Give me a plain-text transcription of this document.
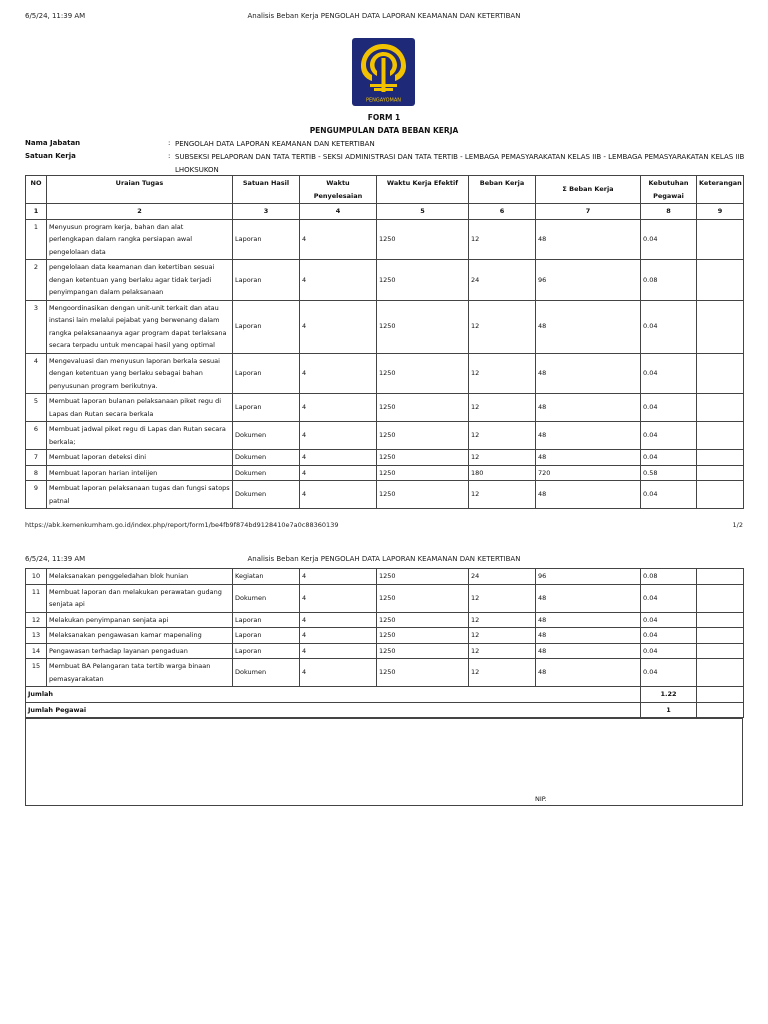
6/5/24, 11:39 AM	Analisis Beban Kerja PENGOLAH DATA LAPORAN KEAMANAN DAN KETERTIBAN
PENGAYOMAN
FORM 1
PENGUMPULAN DATA BEBAN KERJA
Nama Jabatan	: PENGOLAH DATA LAPORAN KEAMANAN DAN KETERTIBAN
Satuan Kerja	: SUBSEKSI PELAPORAN DAN TATA TERTIB - SEKSI ADMINISTRASI DAN TATA TERTIB - LEMBAGA PEMASYARAKATAN KELAS IIB - LEMBAGA PEMASYARAKATAN KELAS IIB LHOKSUKON
NO	Uraian Tugas	Satuan Hasil	Waktu Penyelesaian	Waktu Kerja Efektif	Beban Kerja	Σ Beban Kerja	Kebutuhan Pegawai	Keterangan
1	2	3	4	5	6	7	8	9
1	Menyusun program kerja, bahan dan alat perlengkapan dalam rangka persiapan awal pengelolaan data	Laporan	4	1250	12	48	0.04	
2	pengelolaan data keamanan dan ketertiban sesuai dengan ketentuan yang berlaku agar tidak terjadi penyimpangan dalam pelaksanaan	Laporan	4	1250	24	96	0.08	
3	Mengoordinasikan dengan unit-unit terkait dan atau instansi lain melalui pejabat yang berwenang dalam rangka pelaksanaanya agar program dapat terlaksana secara terpadu untuk mencapai hasil yang optimal	Laporan	4	1250	12	48	0.04	
4	Mengevaluasi dan menyusun laporan berkala sesuai dengan ketentuan yang berlaku sebagai bahan penyusunan program berikutnya.	Laporan	4	1250	12	48	0.04	
5	Membuat laporan bulanan pelaksanaan piket regu di Lapas dan Rutan secara berkala	Laporan	4	1250	12	48	0.04	
6	Membuat jadwal piket regu di Lapas dan Rutan secara berkala;	Dokumen	4	1250	12	48	0.04	
7	Membuat laporan deteksi dini	Dokumen	4	1250	12	48	0.04	
8	Membuat laporan harian intelijen	Dokumen	4	1250	180	720	0.58	
9	Membuat laporan pelaksanaan tugas dan fungsi satops patnal	Dokumen	4	1250	12	48	0.04	
https://abk.kemenkumham.go.id/index.php/report/form1/be4fb9f874bd9128410e7a0c88360139	1/2
6/5/24, 11:39 AM	Analisis Beban Kerja PENGOLAH DATA LAPORAN KEAMANAN DAN KETERTIBAN
10	Melaksanakan penggeledahan blok hunian	Kegiatan	4	1250	24	96	0.08	
11	Membuat laporan dan melakukan perawatan gudang senjata api	Dokumen	4	1250	12	48	0.04	
12	Melakukan penyimpanan senjata api	Laporan	4	1250	12	48	0.04	
13	Melaksanakan pengawasan kamar mapenaling	Laporan	4	1250	12	48	0.04	
14	Pengawasan terhadap layanan pengaduan	Laporan	4	1250	12	48	0.04	
15	Membuat BA Pelangaran tata tertib warga binaan pemasyarakatan	Dokumen	4	1250	12	48	0.04	
Jumlah							1.22	
Jumlah Pegawai							1	
NIP.
